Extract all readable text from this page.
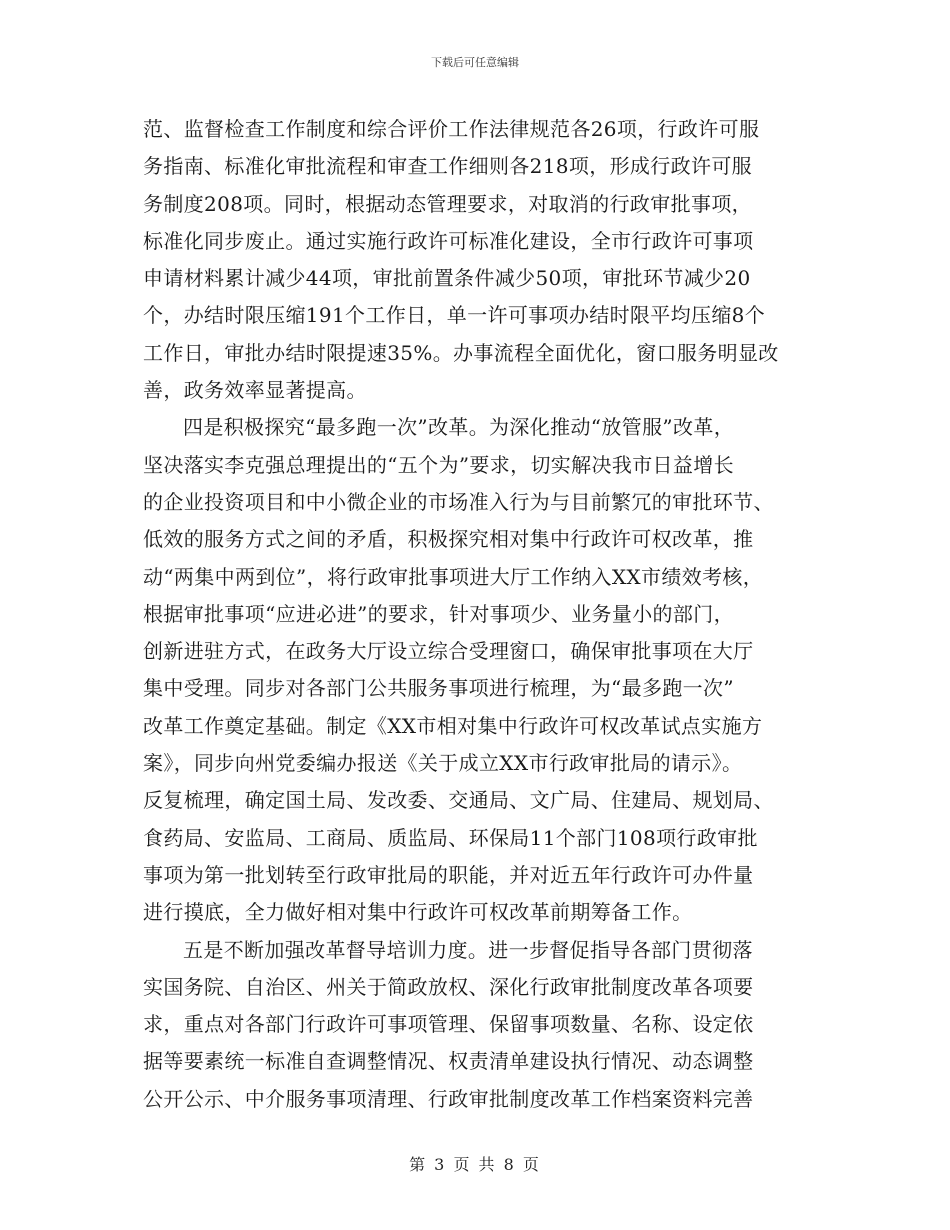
下载后可任意编辑
范、监督检查工作制度和综合评价工作法律规范各26项，行政许可服
务指南、标准化审批流程和审查工作细则各218项，形成行政许可服
务制度208项。同时，根据动态管理要求，对取消的行政审批事项，
标准化同步废止。通过实施行政许可标准化建设，全市行政许可事项
申请材料累计减少44项，审批前置条件减少50项，审批环节减少20
个，办结时限压缩191个工作日，单一许可事项办结时限平均压缩8个
工作日，审批办结时限提速35%。办事流程全面优化，窗口服务明显改
善，政务效率显著提高。
四是积极探究“最多跑一次”改革。为深化推动“放管服”改革，
坚决落实李克强总理提出的“五个为”要求，切实解决我市日益增长
的企业投资项目和中小微企业的市场准入行为与目前繁冗的审批环节、
低效的服务方式之间的矛盾，积极探究相对集中行政许可权改革，推
动“两集中两到位”，将行政审批事项进大厅工作纳入XX市绩效考核，
根据审批事项“应进必进”的要求，针对事项少、业务量小的部门，
创新进驻方式，在政务大厅设立综合受理窗口，确保审批事项在大厅
集中受理。同步对各部门公共服务事项进行梳理，为“最多跑一次”
改革工作奠定基础。制定《XX市相对集中行政许可权改革试点实施方
案》，同步向州党委编办报送《关于成立XX市行政审批局的请示》。
反复梳理，确定国土局、发改委、交通局、文广局、住建局、规划局、
食药局、安监局、工商局、质监局、环保局11个部门108项行政审批
事项为第一批划转至行政审批局的职能，并对近五年行政许可办件量
进行摸底，全力做好相对集中行政许可权改革前期筹备工作。
五是不断加强改革督导培训力度。进一步督促指导各部门贯彻落
实国务院、自治区、州关于简政放权、深化行政审批制度改革各项要
求，重点对各部门行政许可事项管理、保留事项数量、名称、设定依
据等要素统一标准自查调整情况、权责清单建设执行情况、动态调整
公开公示、中介服务事项清理、行政审批制度改革工作档案资料完善
第 3 页 共 8 页
